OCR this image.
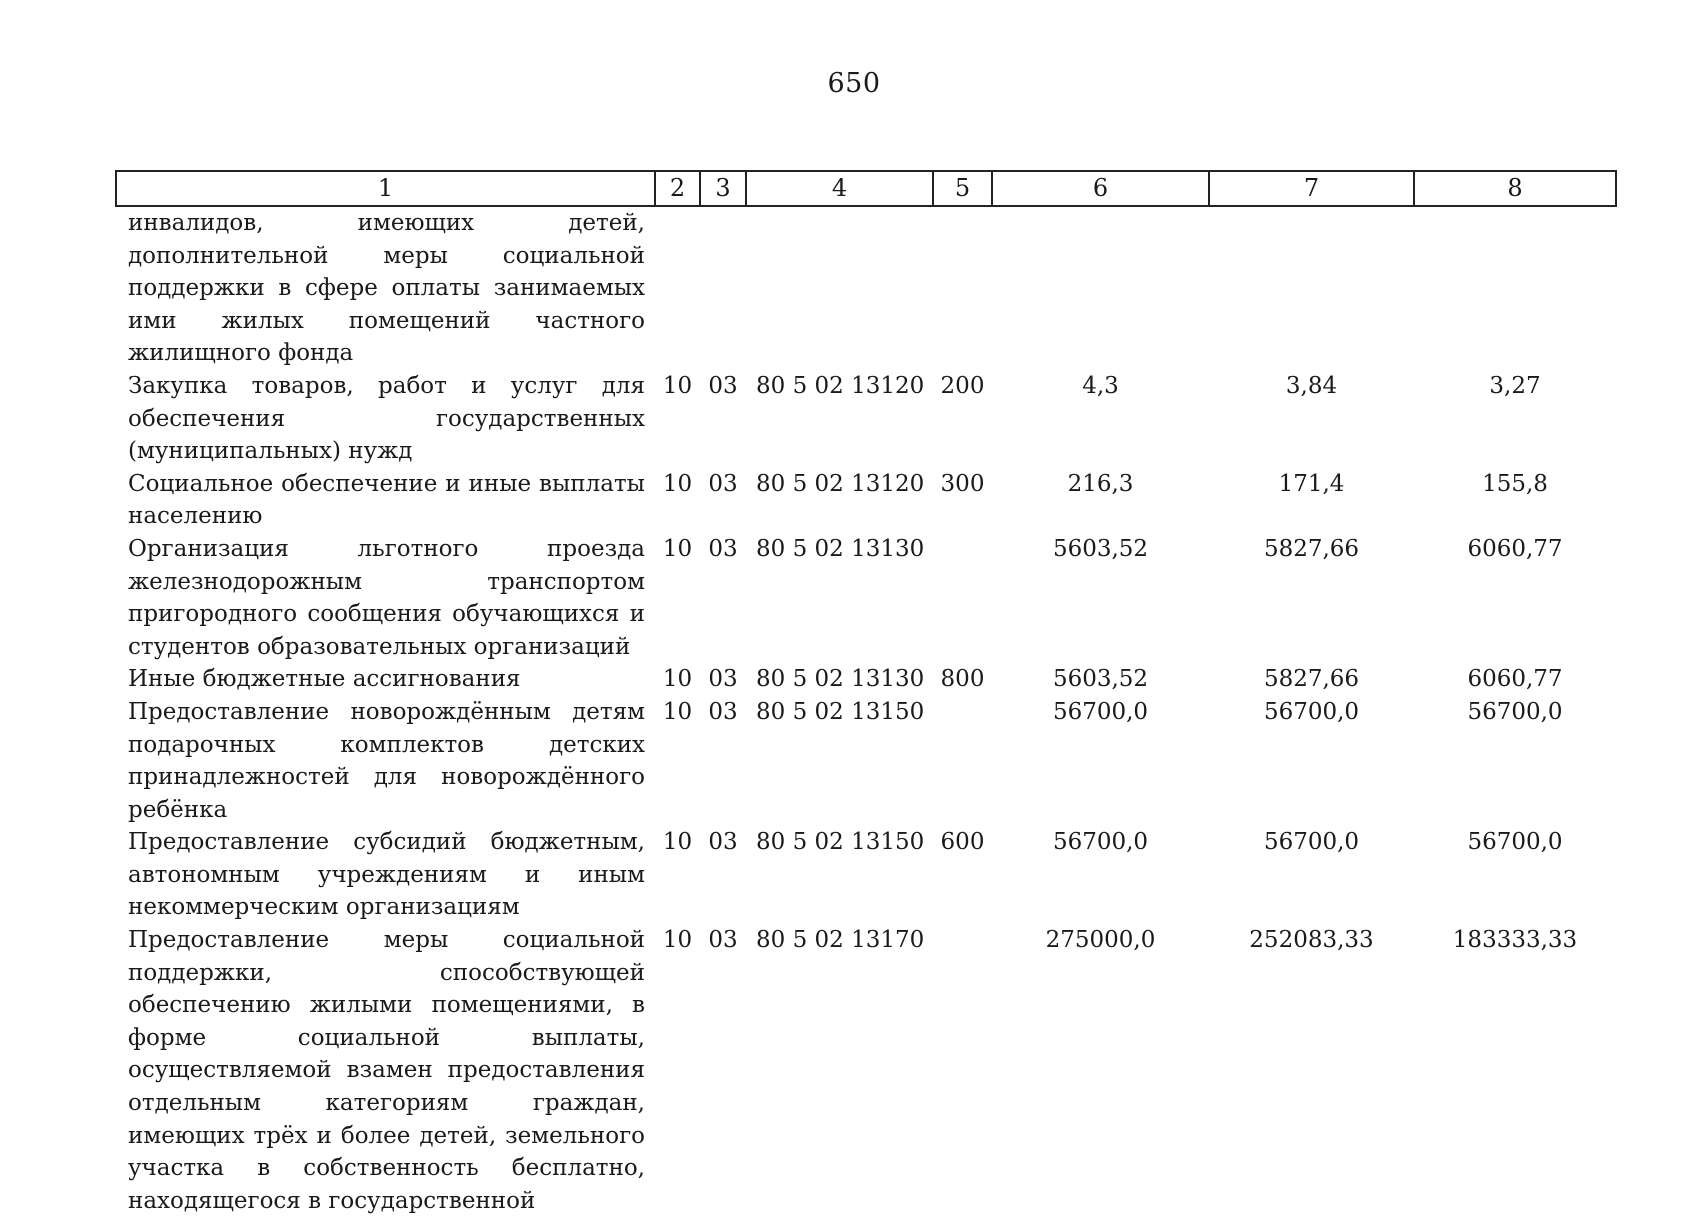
650
1	2	3	4	5	6	7	8
инвалидов, имеющих детей, дополнительной меры социальной поддержки в сфере оплаты занимаемых ими жилых помещений частного жилищного фонда							
Закупка товаров, работ и услуг для обеспечения государственных (муниципальных) нужд	10	03	80 5 02 13120	200	4,3	3,84	3,27
Социальное обеспечение и иные выплаты населению	10	03	80 5 02 13120	300	216,3	171,4	155,8
Организация льготного проезда железнодорожным транспортом пригородного сообщения обучающихся и студентов образовательных организаций	10	03	80 5 02 13130		5603,52	5827,66	6060,77
Иные бюджетные ассигнования	10	03	80 5 02 13130	800	5603,52	5827,66	6060,77
Предоставление новорождённым детям подарочных комплектов детских принадлежностей для новорождённого ребёнка	10	03	80 5 02 13150		56700,0	56700,0	56700,0
Предоставление субсидий бюджетным, автономным учреждениям и иным некоммерческим организациям	10	03	80 5 02 13150	600	56700,0	56700,0	56700,0
Предоставление меры социальной поддержки, способствующей обеспечению жилыми помещениями, в форме социальной выплаты, осуществляемой взамен предоставления отдельным категориям граждан, имеющих трёх и более детей, земельного участка в собственность бесплатно, находящегося в государственной	10	03	80 5 02 13170		275000,0	252083,33	183333,33
